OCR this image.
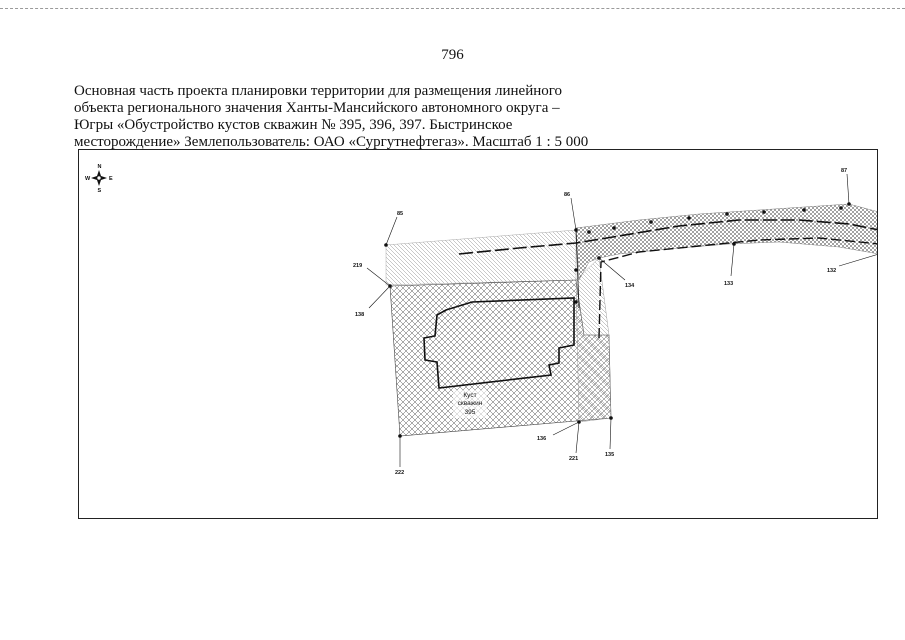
796
Основная часть проекта планировки территории для размещения линейного
объекта регионального значения Ханты-Мансийского автономного округа –
Югры «Обустройство кустов скважин № 395, 396, 397. Быстринское
месторождение» Землепользователь: ОАО «Сургутнефтегаз». Масштаб 1 : 5 000
N
S
W	E
85
86
87
219
138
134	133
132
136
221
135
222
Куст
скважин
395
